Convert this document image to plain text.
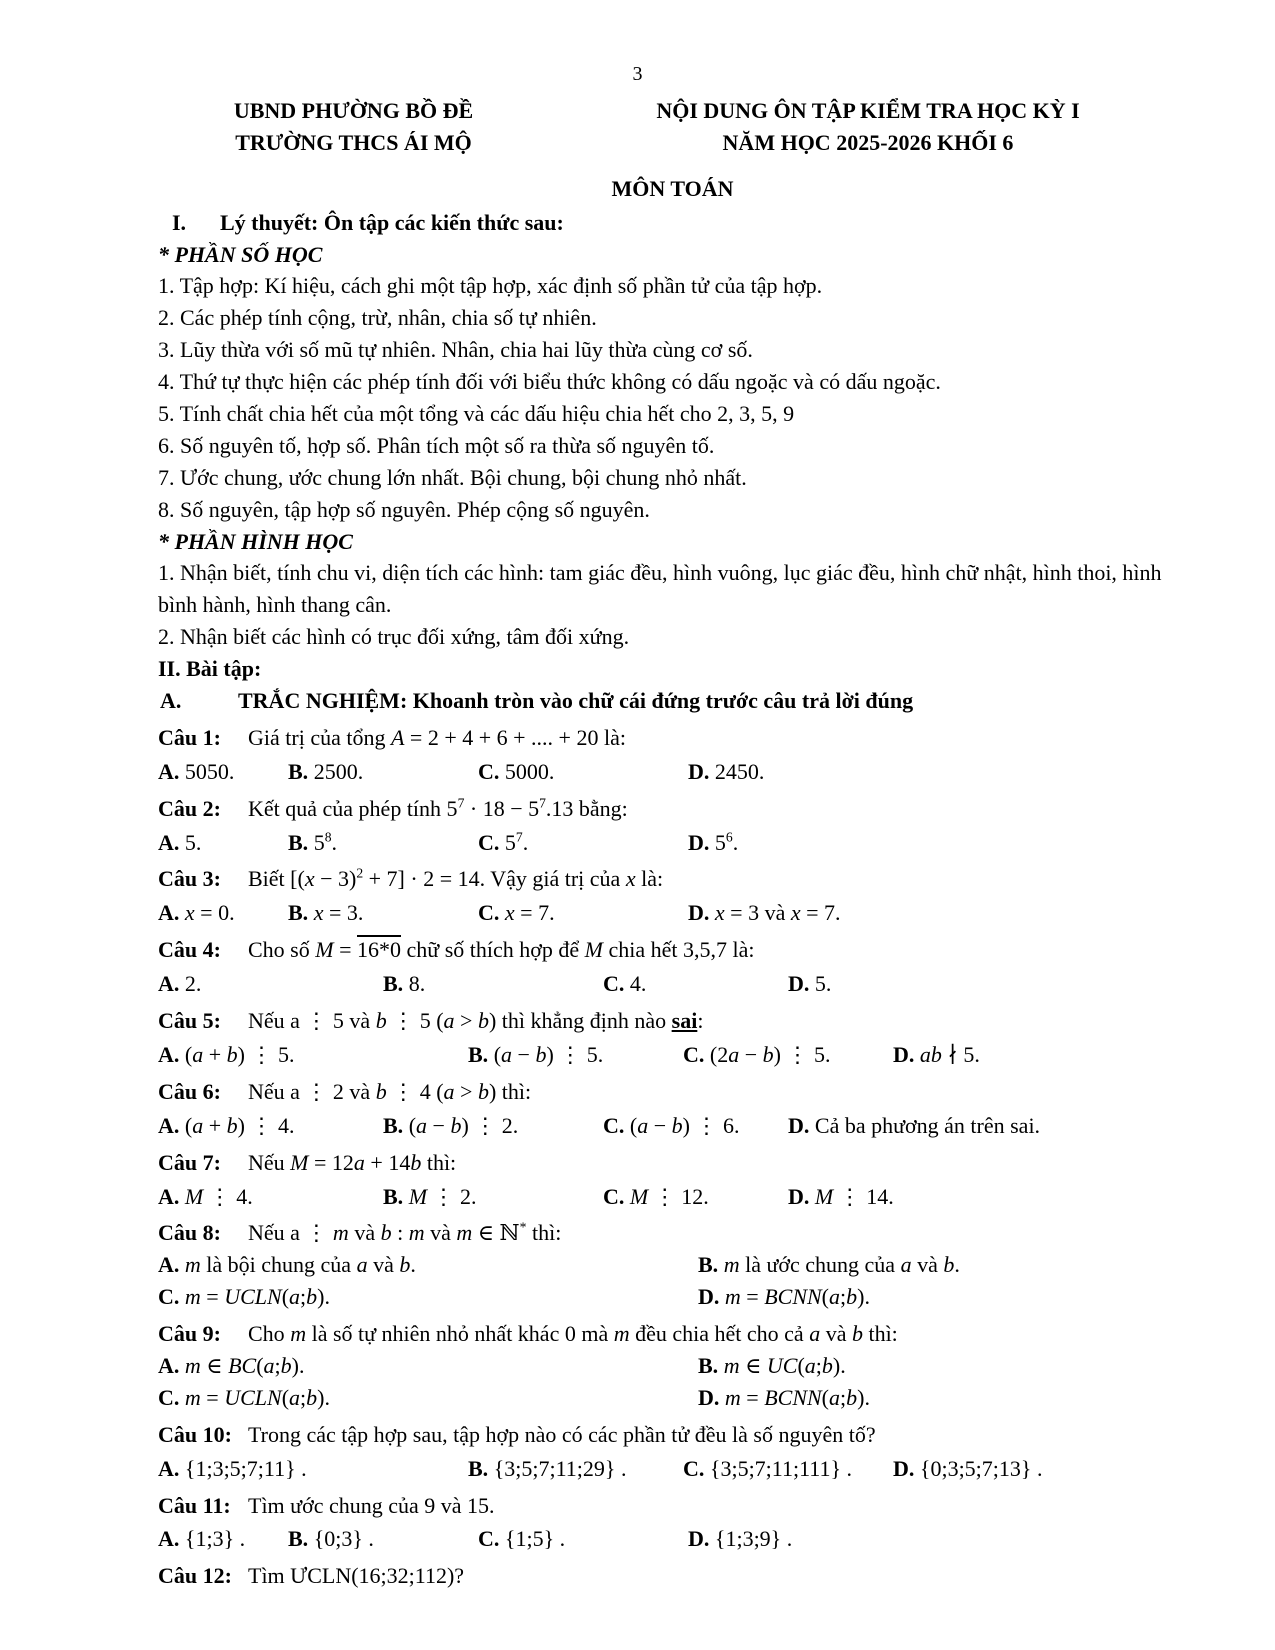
3
UBND PHƯỜNG BỒ ĐỀ
TRƯỜNG THCS ÁI MỘ
NỘI DUNG ÔN TẬP KIỂM TRA HỌC KỲ I
NĂM HỌC 2025-2026 KHỐI 6
MÔN TOÁN
I. Lý thuyết: Ôn tập các kiến thức sau:
* PHẦN SỐ HỌC
1. Tập hợp: Kí hiệu, cách ghi một tập hợp, xác định số phần tử của tập hợp.
2. Các phép tính cộng, trừ, nhân, chia số tự nhiên.
3. Lũy thừa với số mũ tự nhiên. Nhân, chia hai lũy thừa cùng cơ số.
4. Thứ tự thực hiện các phép tính đối với biểu thức không có dấu ngoặc và có dấu ngoặc.
5. Tính chất chia hết của một tổng và các dấu hiệu chia hết cho 2, 3, 5, 9
6. Số nguyên tố, hợp số. Phân tích một số ra thừa số nguyên tố.
7. Ước chung, ước chung lớn nhất. Bội chung, bội chung nhỏ nhất.
8. Số nguyên, tập hợp số nguyên. Phép cộng số nguyên.
* PHẦN HÌNH HỌC
1. Nhận biết, tính chu vi, diện tích các hình: tam giác đều, hình vuông, lục giác đều, hình chữ nhật, hình thoi, hình bình hành, hình thang cân.
2. Nhận biết các hình có trục đối xứng, tâm đối xứng.
II. Bài tập:
A.	TRẮC NGHIỆM: Khoanh tròn vào chữ cái đứng trước câu trả lời đúng
Câu 1: Giá trị của tổng A = 2 + 4 + 6 + .... + 20 là:
A. 5050.	B. 2500.	C. 5000.	D. 2450.
Câu 2: Kết quả của phép tính $5^7 \cdot 18 - 5^7.13$ bằng:
A. 5.	B. $5^8$.	C. $5^7$.	D. $5^6$.
Câu 3: Biết $[(x - 3)^2 + 7] \cdot 2 = 14$. Vậy giá trị của x là:
A. x = 0.	B. x = 3.	C. x = 7.	D. x = 3 và x = 7.
Câu 4: Cho số M = 16*0 chữ số thích hợp để M chia hết 3,5,7 là:
A. 2.	B. 8.	C. 4.	D. 5.
Câu 5: Nếu a ⋮ 5 và b ⋮ 5 (a > b) thì khẳng định nào sai:
A. (a + b) ⋮ 5.	B. (a − b) ⋮ 5.	C. (2a − b) ⋮ 5.	D. ab ∤ 5.
Câu 6: Nếu a ⋮ 2 và b ⋮ 4 (a > b) thì:
A. (a + b) ⋮ 4.	B. (a − b) ⋮ 2.	C. (a − b) ⋮ 6.	D. Cả ba phương án trên sai.
Câu 7: Nếu M = 12a + 14b thì:
A. M ⋮ 4.	B. M ⋮ 2.	C. M ⋮ 12.	D. M ⋮ 14.
Câu 8: Nếu a ⋮ m và b : m và m ∈ ℕ* thì:
A. m là bội chung của a và b.	B. m là ước chung của a và b.
C. m = UCLN(a;b).	D. m = BCNN(a;b).
Câu 9: Cho m là số tự nhiên nhỏ nhất khác 0 mà m đều chia hết cho cả a và b thì:
A. m ∈ BC(a;b).	B. m ∈ UC(a;b).
C. m = UCLN(a;b).	D. m = BCNN(a;b).
Câu 10: Trong các tập hợp sau, tập hợp nào có các phần tử đều là số nguyên tố?
A. {1;3;5;7;11} .	B. {3;5;7;11;29} .	C. {3;5;7;11;111} .	D. {0;3;5;7;13} .
Câu 11: Tìm ước chung của 9 và 15.
A. {1;3} .	B. {0;3} .	C. {1;5} .	D. {1;3;9} .
Câu 12: Tìm ƯCLN(16;32;112)?
